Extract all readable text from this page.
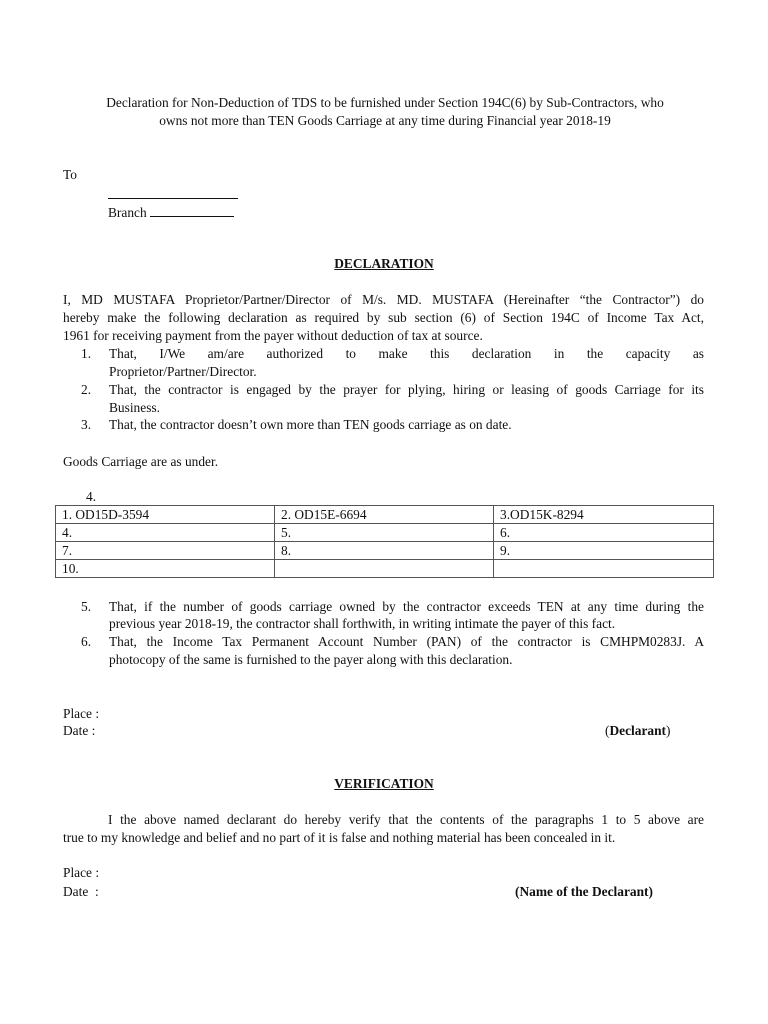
Declaration for Non-Deduction of TDS to be furnished under Section 194C(6) by Sub-Contractors, who
owns not more than TEN Goods Carriage at any time during Financial year 2018-19
To
Branch
DECLARATION
I, MD MUSTAFA Proprietor/Partner/Director of M/s. MD. MUSTAFA (Hereinafter “the Contractor”) do
hereby make the following declaration as required by sub section (6) of Section 194C of Income Tax Act,
1961 for receiving payment from the payer without deduction of tax at source.
1.	That, I/We am/are authorized to make this declaration in the capacity as
Proprietor/Partner/Director.
2.	That, the contractor is engaged by the prayer for plying, hiring or leasing of goods Carriage for its
Business.
3.	That, the contractor doesn’t own more than TEN goods carriage as on date.
Goods Carriage are as under.
4.
1. OD15D-3594	2. OD15E-6694	3.OD15K-8294
4.	5.	6.
7.	8.	9.
10.		
5.	That, if the number of goods carriage owned by the contractor exceeds TEN at any time during the
previous year 2018-19, the contractor shall forthwith, in writing intimate the payer of this fact.
6.	That, the Income Tax Permanent Account Number (PAN) of the contractor is CMHPM0283J. A
photocopy of the same is furnished to the payer along with this declaration.
Place :
Date :	(Declarant)
VERIFICATION
I the above named declarant do hereby verify that the contents of the paragraphs 1 to 5 above are
true to my knowledge and belief and no part of it is false and nothing material has been concealed in it.
Place :
Date  :	(Name of the Declarant)
